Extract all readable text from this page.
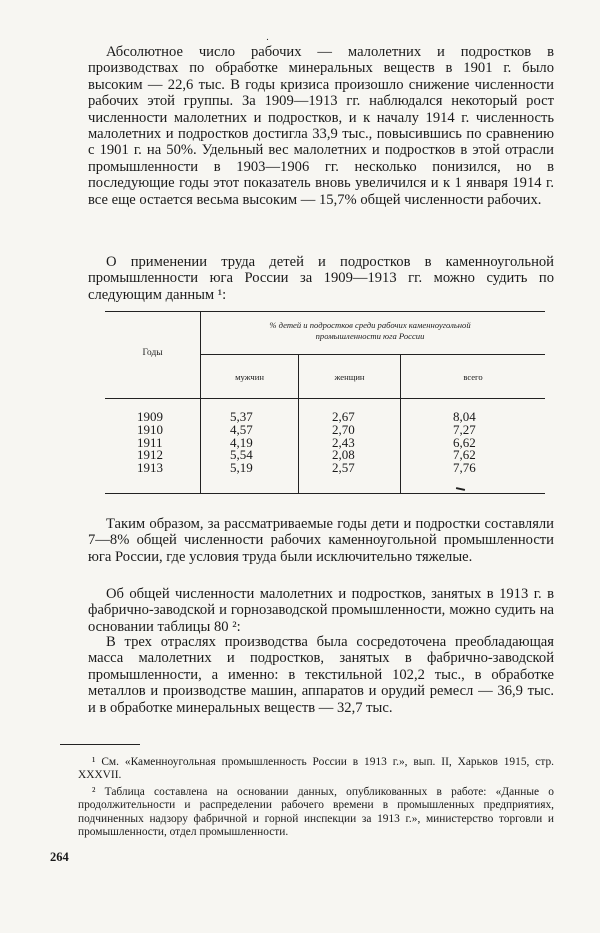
․

Абсолютное число рабочих — малолетних и подростков в производствах по обработке минеральных веществ в 1901 г. было высоким — 22,6 тыс. В годы кризиса произошло снижение численности рабочих этой группы. За 1909—1913 гг. наблюдался некоторый рост численности малолетних и подростков, и к началу 1914 г. численность малолетних и подростков достигла 33,9 тыс., повысившись по сравнению с 1901 г. на 50%. Удельный вес малолетних и подростков в этой отрасли промышленности в 1903—1906 гг. несколько понизился, но в последующие годы этот показатель вновь увеличился и к 1 января 1914 г. все еще остается весьма высоким — 15,7% общей численности рабочих.

О применении труда детей и подростков в каменноугольной промышленности юга России за 1909—1913 гг. можно судить по следующим данным ¹:

Годы
% детей и подростков среди рабочих каменноугольной промышленности юга России
мужчин	женщин	всего
1909	5,37	2,67	8,04
1910	4,57	2,70	7,27
1911	4,19	2,43	6,62
1912	5,54	2,08	7,62
1913	5,19	2,57	7,76

Таким образом, за рассматриваемые годы дети и подростки составляли 7—8% общей численности рабочих каменноугольной промышленности юга России, где условия труда были исключительно тяжелые.

Об общей численности малолетних и подростков, занятых в 1913 г. в фабрично-заводской и горнозаводской промышленности, можно судить на основании таблицы 80 ²:

В трех отраслях производства была сосредоточена преобладающая масса малолетних и подростков, занятых в фабрично-заводской промышленности, а именно: в текстильной 102,2 тыс., в обработке металлов и производстве машин, аппаратов и орудий ремесл — 36,9 тыс. и в обработке минеральных веществ — 32,7 тыс.

¹ См. «Каменноугольная промышленность России в 1913 г.», вып. II, Харьков 1915, стр. XXXVII.

² Таблица составлена на основании данных, опубликованных в работе: «Данные о продолжительности и распределении рабочего времени в промышленных предприятиях, подчиненных надзору фабричной и горной инспекции за 1913 г.», министерство торговли и промышленности, отдел промышленности.

264
